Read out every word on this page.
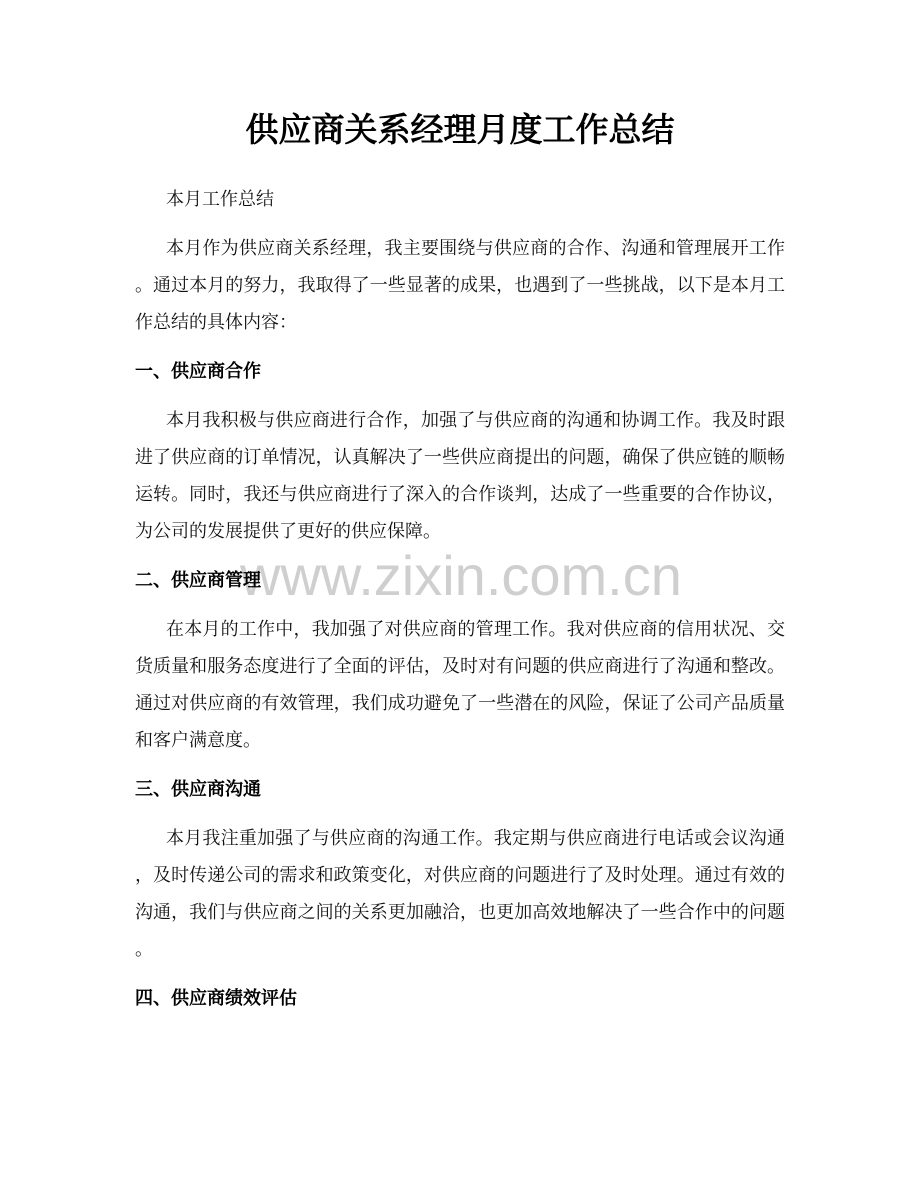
www.zixin.com.cn
供应商关系经理月度工作总结
本月工作总结
本月作为供应商关系经理，我主要围绕与供应商的合作、沟通和管理展开工作
。通过本月的努力，我取得了一些显著的成果，也遇到了一些挑战，以下是本月工
作总结的具体内容：
一、供应商合作
本月我积极与供应商进行合作，加强了与供应商的沟通和协调工作。我及时跟
进了供应商的订单情况，认真解决了一些供应商提出的问题，确保了供应链的顺畅
运转。同时，我还与供应商进行了深入的合作谈判，达成了一些重要的合作协议，
为公司的发展提供了更好的供应保障。
二、供应商管理
在本月的工作中，我加强了对供应商的管理工作。我对供应商的信用状况、交
货质量和服务态度进行了全面的评估，及时对有问题的供应商进行了沟通和整改。
通过对供应商的有效管理，我们成功避免了一些潜在的风险，保证了公司产品质量
和客户满意度。
三、供应商沟通
本月我注重加强了与供应商的沟通工作。我定期与供应商进行电话或会议沟通
，及时传递公司的需求和政策变化，对供应商的问题进行了及时处理。通过有效的
沟通，我们与供应商之间的关系更加融洽，也更加高效地解决了一些合作中的问题
。
四、供应商绩效评估
